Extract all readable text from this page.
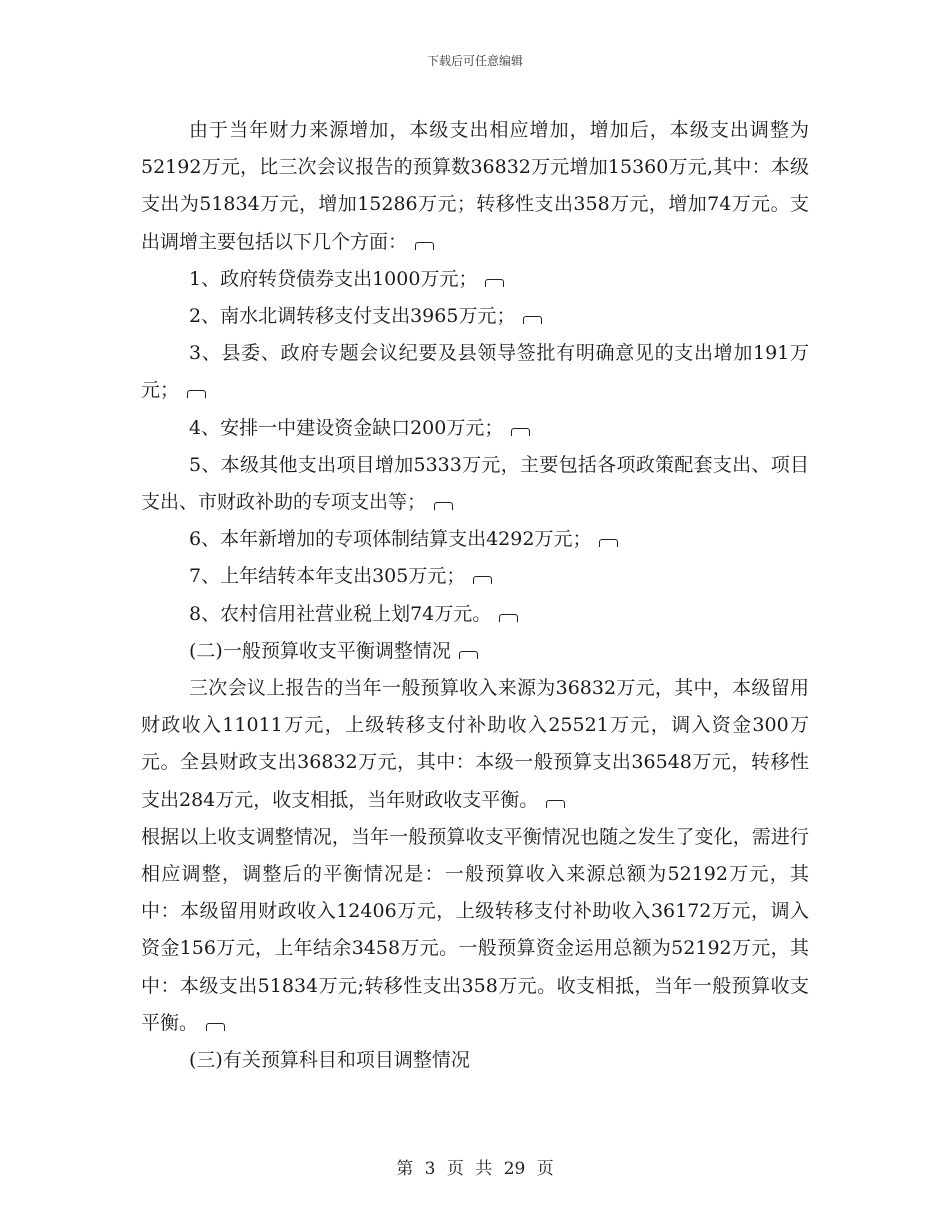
下载后可任意编辑

由于当年财力来源增加，本级支出相应增加，增加后，本级支出调整为52192万元，比三次会议报告的预算数36832万元增加15360万元,其中：本级支出为51834万元，增加15286万元；转移性支出358万元，增加74万元。支出调增主要包括以下几个方面：

1、政府转贷债券支出1000万元；

2、南水北调转移支付支出3965万元；

3、县委、政府专题会议纪要及县领导签批有明确意见的支出增加191万元；

4、安排一中建设资金缺口200万元；

5、本级其他支出项目增加5333万元，主要包括各项政策配套支出、项目支出、市财政补助的专项支出等；

6、本年新增加的专项体制结算支出4292万元；

7、上年结转本年支出305万元；

8、农村信用社营业税上划74万元。

(二)一般预算收支平衡调整情况

三次会议上报告的当年一般预算收入来源为36832万元，其中，本级留用财政收入11011万元，上级转移支付补助收入25521万元，调入资金300万元。全县财政支出36832万元，其中：本级一般预算支出36548万元，转移性支出284万元，收支相抵，当年财政收支平衡。

根据以上收支调整情况，当年一般预算收支平衡情况也随之发生了变化，需进行相应调整，调整后的平衡情况是：一般预算收入来源总额为52192万元，其中：本级留用财政收入12406万元，上级转移支付补助收入36172万元，调入资金156万元，上年结余3458万元。一般预算资金运用总额为52192万元，其中：本级支出51834万元;转移性支出358万元。收支相抵，当年一般预算收支平衡。

(三)有关预算科目和项目调整情况

第 3 页 共 29 页
